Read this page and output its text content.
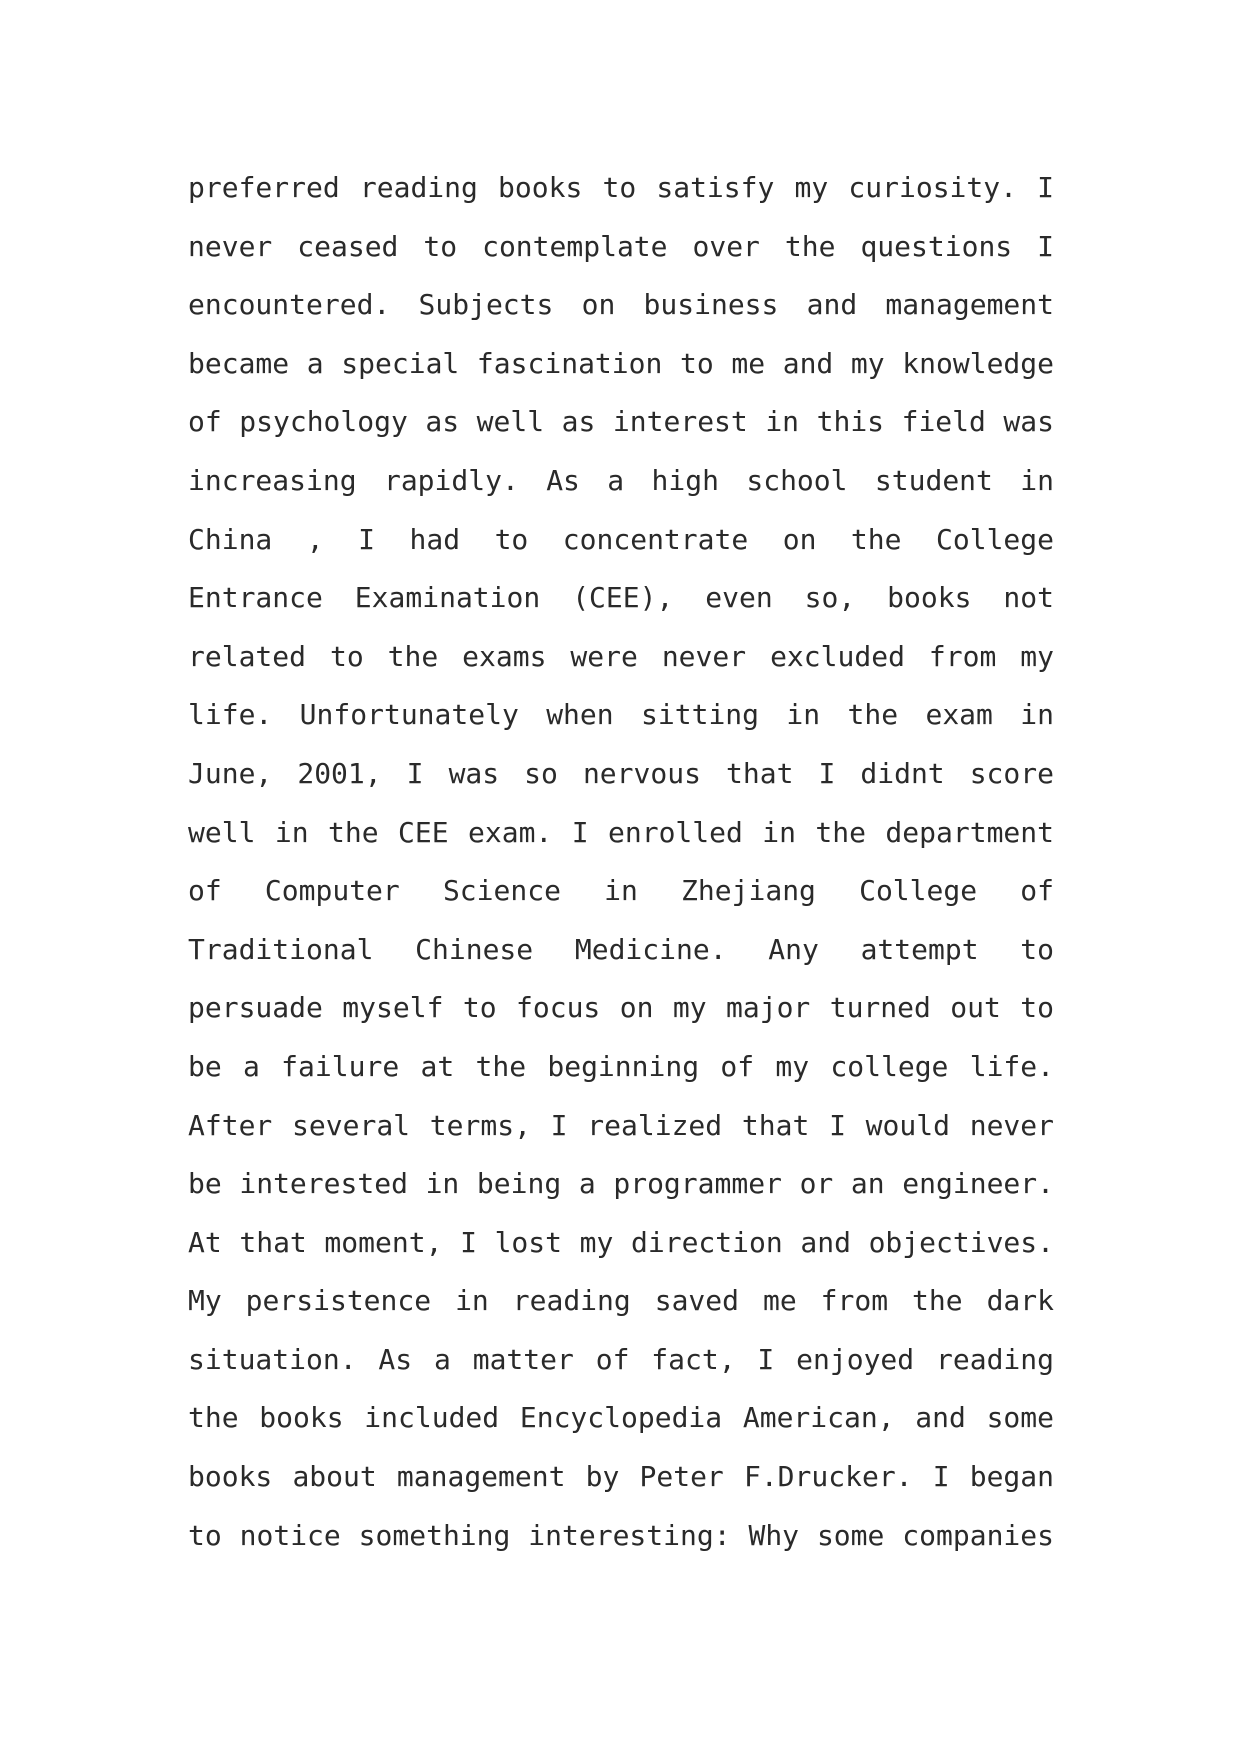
preferred reading books to satisfy my curiosity. I
never ceased to contemplate over the questions I
encountered. Subjects on business and management
became a special fascination to me and my knowledge
of psychology as well as interest in this field was
increasing rapidly. As a high school student in
China , I had to concentrate on the College
Entrance Examination (CEE), even so, books not
related to the exams were never excluded from my
life. Unfortunately when sitting in the exam in
June, 2001, I was so nervous that I didnt score
well in the CEE exam. I enrolled in the department
of Computer Science in Zhejiang College of
Traditional Chinese Medicine. Any attempt to
persuade myself to focus on my major turned out to
be a failure at the beginning of my college life.
After several terms, I realized that I would never
be interested in being a programmer or an engineer.
At that moment, I lost my direction and objectives.
My persistence in reading saved me from the dark
situation. As a matter of fact, I enjoyed reading
the books included Encyclopedia American, and some
books about management by Peter F.Drucker. I began
to notice something interesting: Why some companies
